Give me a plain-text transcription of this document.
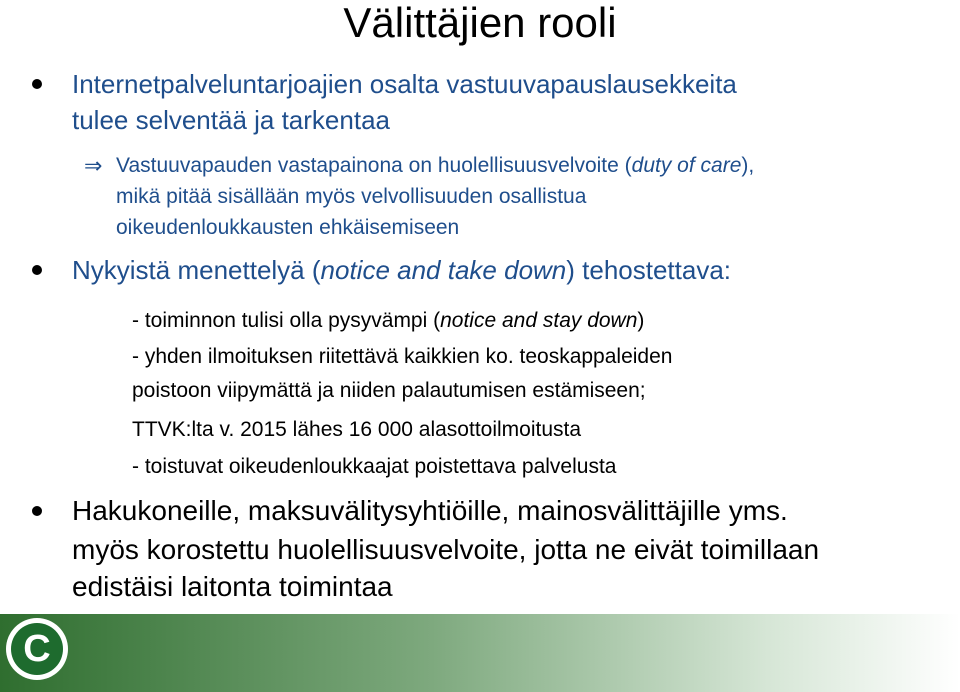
Välittäjien rooli
Internetpalveluntarjoajien osalta vastuuvapauslausekkeita
tulee selventää ja tarkentaa
⇒ Vastuuvapauden vastapainona on huolellisuusvelvoite (duty of care),
mikä pitää sisällään myös velvollisuuden osallistua
oikeudenloukkausten ehkäisemiseen
Nykyistä menettelyä (notice and take down) tehostettava:
- toiminnon tulisi olla pysyvämpi (notice and stay down)
- yhden ilmoituksen riitettävä kaikkien ko. teoskappaleiden
poistoon viipymättä ja niiden palautumisen estämiseen;
TTVK:lta v. 2015 lähes 16 000 alasottoilmoitusta
- toistuvat oikeudenloukkaajat poistettava palvelusta
Hakukoneille, maksuvälitysyhtiöille, mainosvälittäjille yms.
myös korostettu huolellisuusvelvoite, jotta ne eivät toimillaan
edistäisi laitonta toimintaa
C
